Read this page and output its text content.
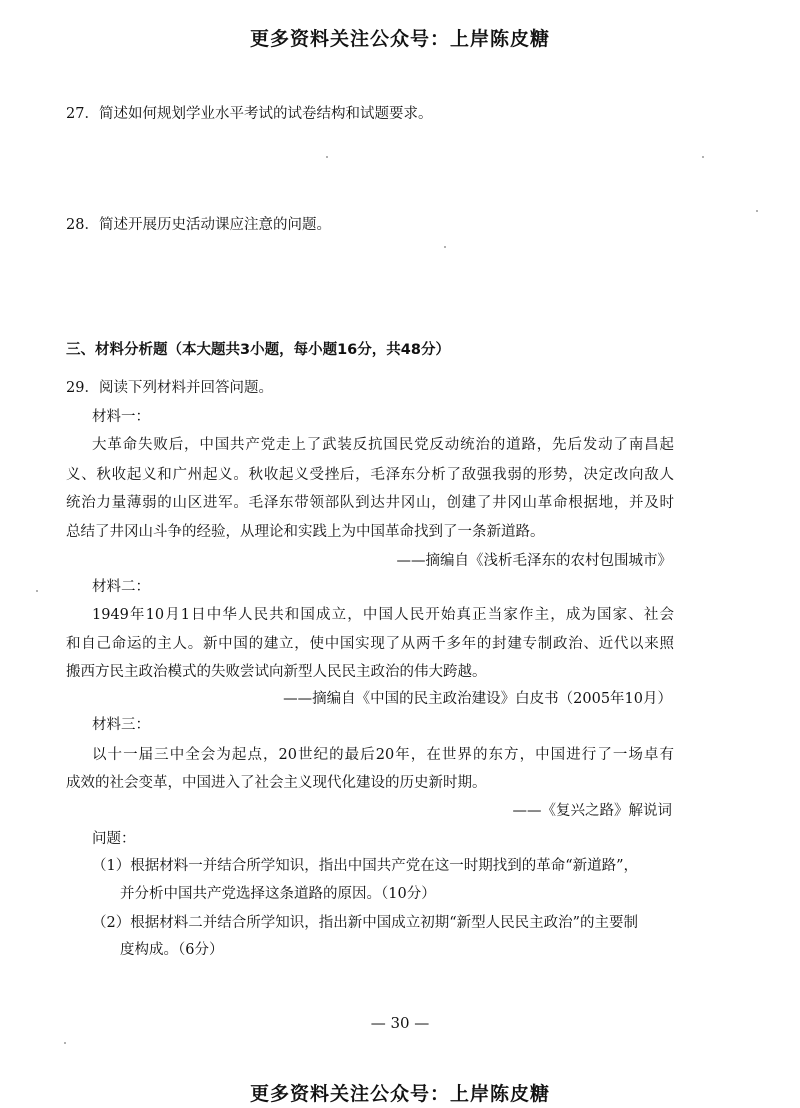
更多资料关注公众号：上岸陈皮糖
27．简述如何规划学业水平考试的试卷结构和试题要求。
28．简述开展历史活动课应注意的问题。
三、材料分析题（本大题共3小题，每小题16分，共48分）
29．阅读下列材料并回答问题。
材料一：
大革命失败后，中国共产党走上了武装反抗国民党反动统治的道路，先后发动了南昌起
义、秋收起义和广州起义。秋收起义受挫后，毛泽东分析了敌强我弱的形势，决定改向敌人
统治力量薄弱的山区进军。毛泽东带领部队到达井冈山，创建了井冈山革命根据地，并及时
总结了井冈山斗争的经验，从理论和实践上为中国革命找到了一条新道路。
——摘编自《浅析毛泽东的农村包围城市》
材料二：
1949年10月1日中华人民共和国成立，中国人民开始真正当家作主，成为国家、社会
和自己命运的主人。新中国的建立，使中国实现了从两千多年的封建专制政治、近代以来照
搬西方民主政治模式的失败尝试向新型人民民主政治的伟大跨越。
——摘编自《中国的民主政治建设》白皮书（2005年10月）
材料三：
以十一届三中全会为起点，20世纪的最后20年，在世界的东方，中国进行了一场卓有
成效的社会变革，中国进入了社会主义现代化建设的历史新时期。
——《复兴之路》解说词
问题：
（1）根据材料一并结合所学知识，指出中国共产党在这一时期找到的革命“新道路”，
并分析中国共产党选择这条道路的原因。（10分）
（2）根据材料二并结合所学知识，指出新中国成立初期“新型人民民主政治”的主要制
度构成。（6分）
— 30 —
更多资料关注公众号：上岸陈皮糖
